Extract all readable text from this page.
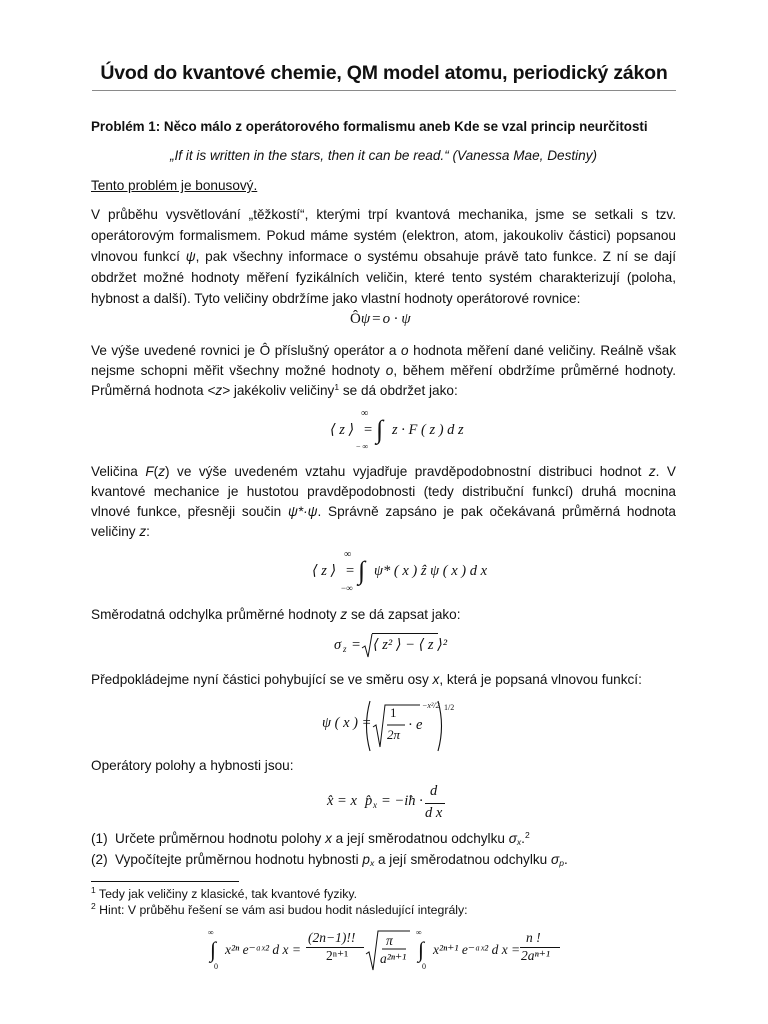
Úvod do kvantové chemie, QM model atomu, periodický zákon
Problém 1: Něco málo z operátorového formalismu aneb Kde se vzal princip neurčitosti
„If it is written in the stars, then it can be read.“ (Vanessa Mae, Destiny)
Tento problém je bonusový.
V průběhu vysvětlování „těžkostí“, kterými trpí kvantová mechanika, jsme se setkali s tzv. operátorovým formalismem. Pokud máme systém (elektron, atom, jakoukoliv částici) popsanou vlnovou funkcí ψ, pak všechny informace o systému obsahuje právě tato funkce. Z ní se dají obdržet možné hodnoty měření fyzikálních veličin, které tento systém charakterizují (poloha, hybnost a další). Tyto veličiny obdržíme jako vlastní hodnoty operátorové rovnice:
Ôψ = o · ψ
Ve výše uvedené rovnici je Ô příslušný operátor a o hodnota měření dané veličiny. Reálně však nejsme schopni měřit všechny možné hodnoty o, během měření obdržíme průměrné hodnoty. Průměrná hodnota <z> jakékoliv veličiny$^1$ se dá obdržet jako:
⟨ z ⟩ =
∞
∫
− ∞
z · F ( z ) d z
Veličina F(z) ve výše uvedeném vztahu vyjadřuje pravděpodobnostní distribuci hodnot z. V kvantové mechanice je hustotou pravděpodobnosti (tedy distribuční funkcí) druhá mocnina vlnové funkce, přesněji součin ψ*·ψ. Správně zapsáno je pak očekávaná průměrná hodnota veličiny z:
⟨ z ⟩ =
∞
∫
−∞
ψ* ( x ) ẑ ψ ( x ) d x
Směrodatná odchylka průměrné hodnoty z se dá zapsat jako:
σ z = ⟨ z² ⟩ − ⟨ z ⟩²
Předpokládejme nyní částici pohybující se ve směru osy x, která je popsaná vlnovou funkcí:
ψ ( x ) =
1
2π
· e
−x²/2 1/2
Operátory polohy a hybnosti jsou:
x̂ = x p̂ x = −iħ ·
d
d x
(1) Určete průměrnou hodnotu polohy x a její směrodatnou odchylku $\sigma_x.^2$
(2) Vypočítejte průměrnou hodnotu hybnosti $p_x$ a její směrodatnou odchylku $\sigma_p$.
$^1$ Tedy jak veličiny z klasické, tak kvantové fyziky.
$^2$ Hint: V průběhu řešení se vám asi budou hodit následující integrály:
∞
∫
0
x²ⁿ e⁻ᵃˣ² d x =
(2n−1)!!
2ⁿ⁺¹
π
a²ⁿ⁺¹
∞
∫
0
x²ⁿ⁺¹ e⁻ᵃˣ² d x =
n !
2aⁿ⁺¹
